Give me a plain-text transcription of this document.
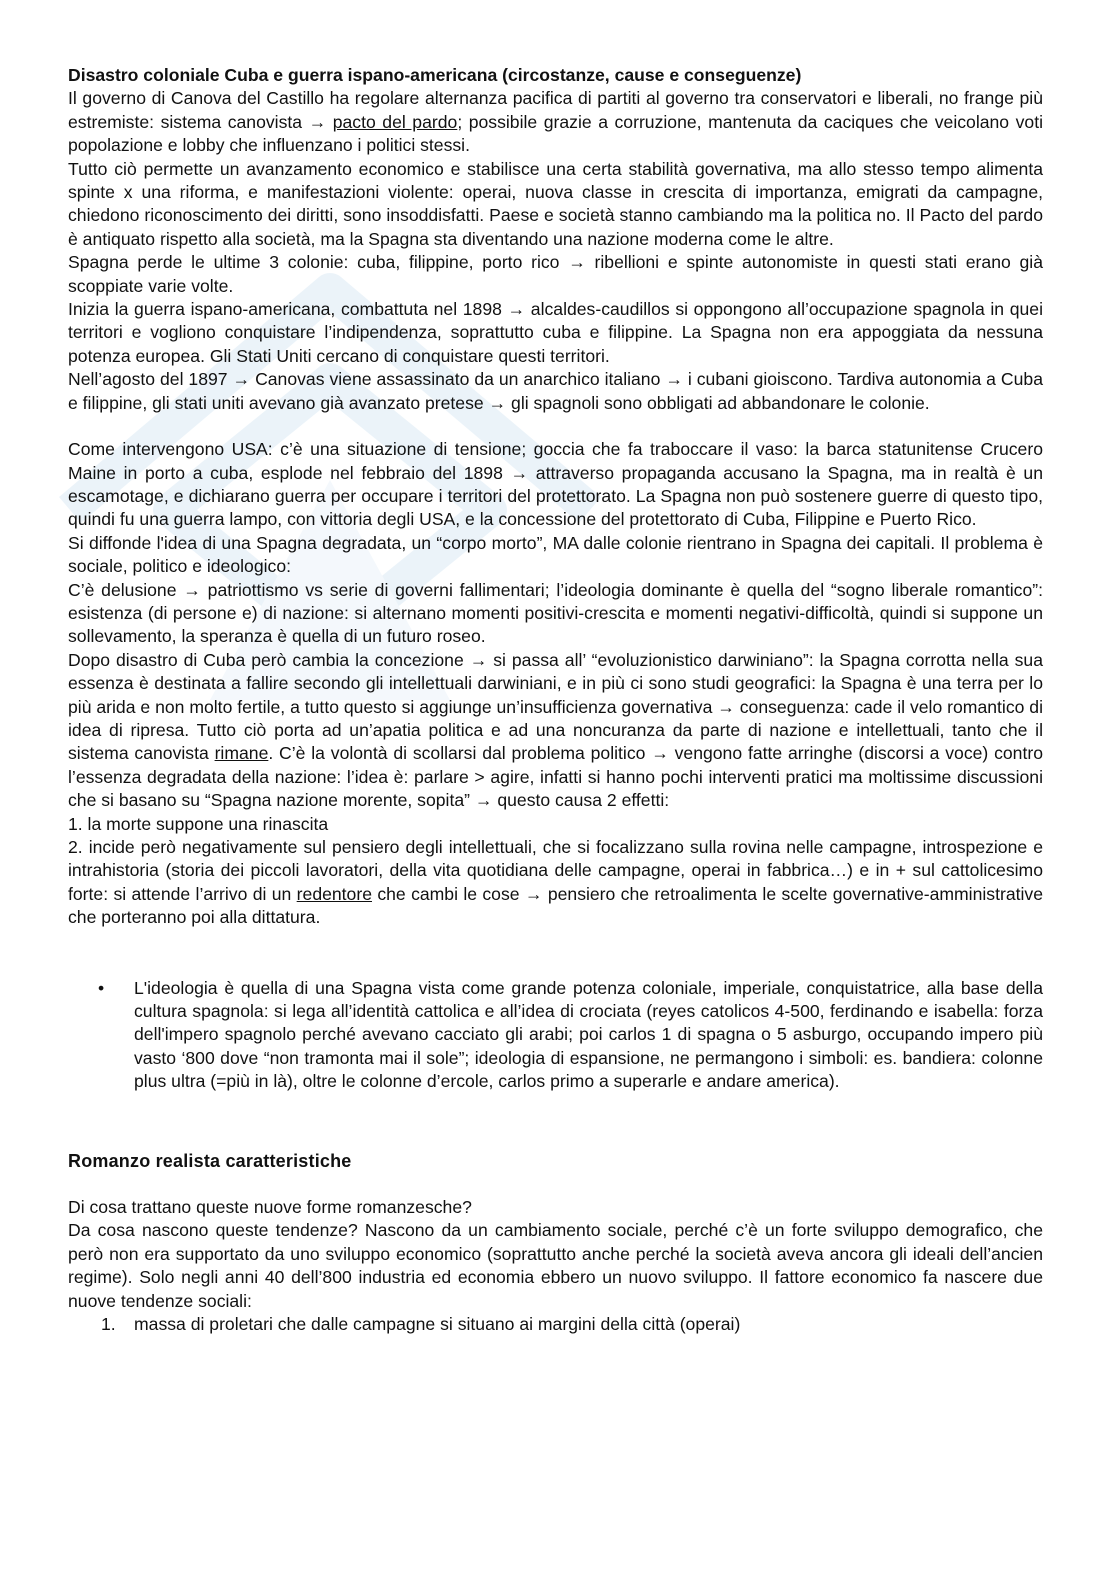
Disastro coloniale Cuba e guerra ispano-americana (circostanze, cause e conseguenze)

Il governo di Canova del Castillo ha regolare alternanza pacifica di partiti al governo tra conservatori e liberali, no frange più estremiste: sistema canovista → pacto del pardo; possibile grazie a corruzione, mantenuta da caciques che veicolano voti popolazione e lobby che influenzano i politici stessi.

Tutto ciò permette un avanzamento economico e stabilisce una certa stabilità governativa, ma allo stesso tempo alimenta spinte x una riforma, e manifestazioni violente: operai, nuova classe in crescita di importanza, emigrati da campagne, chiedono riconoscimento dei diritti, sono insoddisfatti. Paese e società stanno cambiando ma la politica no. Il Pacto del pardo è antiquato rispetto alla società, ma la Spagna sta diventando una nazione moderna come le altre.

Spagna perde le ultime 3 colonie: cuba, filippine, porto rico → ribellioni e spinte autonomiste in questi stati erano già scoppiate varie volte.

Inizia la guerra ispano-americana, combattuta nel 1898 → alcaldes-caudillos si oppongono all’occupazione spagnola in quei territori e vogliono conquistare l’indipendenza, soprattutto cuba e filippine. La Spagna non era appoggiata da nessuna potenza europea. Gli Stati Uniti cercano di conquistare questi territori.

Nell’agosto del 1897 → Canovas viene assassinato da un anarchico italiano → i cubani gioiscono. Tardiva autonomia a Cuba e filippine, gli stati uniti avevano già avanzato pretese → gli spagnoli sono obbligati ad abbandonare le colonie.

Come intervengono USA: c’è una situazione di tensione; goccia che fa traboccare il vaso: la barca statunitense Crucero Maine in porto a cuba, esplode nel febbraio del 1898 → attraverso propaganda accusano la Spagna, ma in realtà è un escamotage, e dichiarano guerra per occupare i territori del protettorato. La Spagna non può sostenere guerre di questo tipo, quindi fu una guerra lampo, con vittoria degli USA, e la concessione del protettorato di Cuba, Filippine e Puerto Rico.

Si diffonde l'idea di una Spagna degradata, un “corpo morto”, MA dalle colonie rientrano in Spagna dei capitali. Il problema è sociale, politico e ideologico:

C’è delusione → patriottismo vs serie di governi fallimentari; l’ideologia dominante è quella del “sogno liberale romantico”: esistenza (di persone e) di nazione: si alternano momenti positivi-crescita e momenti negativi-difficoltà, quindi si suppone un sollevamento, la speranza è quella di un futuro roseo.

Dopo disastro di Cuba però cambia la concezione → si passa all’ “evoluzionistico darwiniano”: la Spagna corrotta nella sua essenza è destinata a fallire secondo gli intellettuali darwiniani, e in più ci sono studi geografici: la Spagna è una terra per lo più arida e non molto fertile, a tutto questo si aggiunge un’insufficienza governativa → conseguenza: cade il velo romantico di idea di ripresa. Tutto ciò porta ad un’apatia politica e ad una noncuranza da parte di nazione e intellettuali, tanto che il sistema canovista rimane. C’è la volontà di scollarsi dal problema politico → vengono fatte arringhe (discorsi a voce) contro l’essenza degradata della nazione: l’idea è: parlare > agire, infatti si hanno pochi interventi pratici ma moltissime discussioni che si basano su “Spagna nazione morente, sopita” → questo causa 2 effetti:

1. la morte suppone una rinascita

2. incide però negativamente sul pensiero degli intellettuali, che si focalizzano sulla rovina nelle campagne, introspezione e intrahistoria (storia dei piccoli lavoratori, della vita quotidiana delle campagne, operai in fabbrica…) e in + sul cattolicesimo forte: si attende l’arrivo di un redentore che cambi le cose → pensiero che retroalimenta le scelte governative-amministrative che porteranno poi alla dittatura.

• L'ideologia è quella di una Spagna vista come grande potenza coloniale, imperiale, conquistatrice, alla base della cultura spagnola: si lega all’identità cattolica e all’idea di crociata (reyes catolicos 4-500, ferdinando e isabella: forza dell'impero spagnolo perché avevano cacciato gli arabi; poi carlos 1 di spagna o 5 asburgo, occupando impero più vasto ‘800 dove “non tramonta mai il sole”; ideologia di espansione, ne permangono i simboli: es. bandiera: colonne plus ultra (=più in là), oltre le colonne d’ercole, carlos primo a superarle e andare america).

Romanzo realista caratteristiche

Di cosa trattano queste nuove forme romanzesche?

Da cosa nascono queste tendenze? Nascono da un cambiamento sociale, perché c’è un forte sviluppo demografico, che però non era supportato da uno sviluppo economico (soprattutto anche perché la società aveva ancora gli ideali dell’ancien regime). Solo negli anni 40 dell’800 industria ed economia ebbero un nuovo sviluppo. Il fattore economico fa nascere due nuove tendenze sociali:

1. massa di proletari che dalle campagne si situano ai margini della città (operai)
